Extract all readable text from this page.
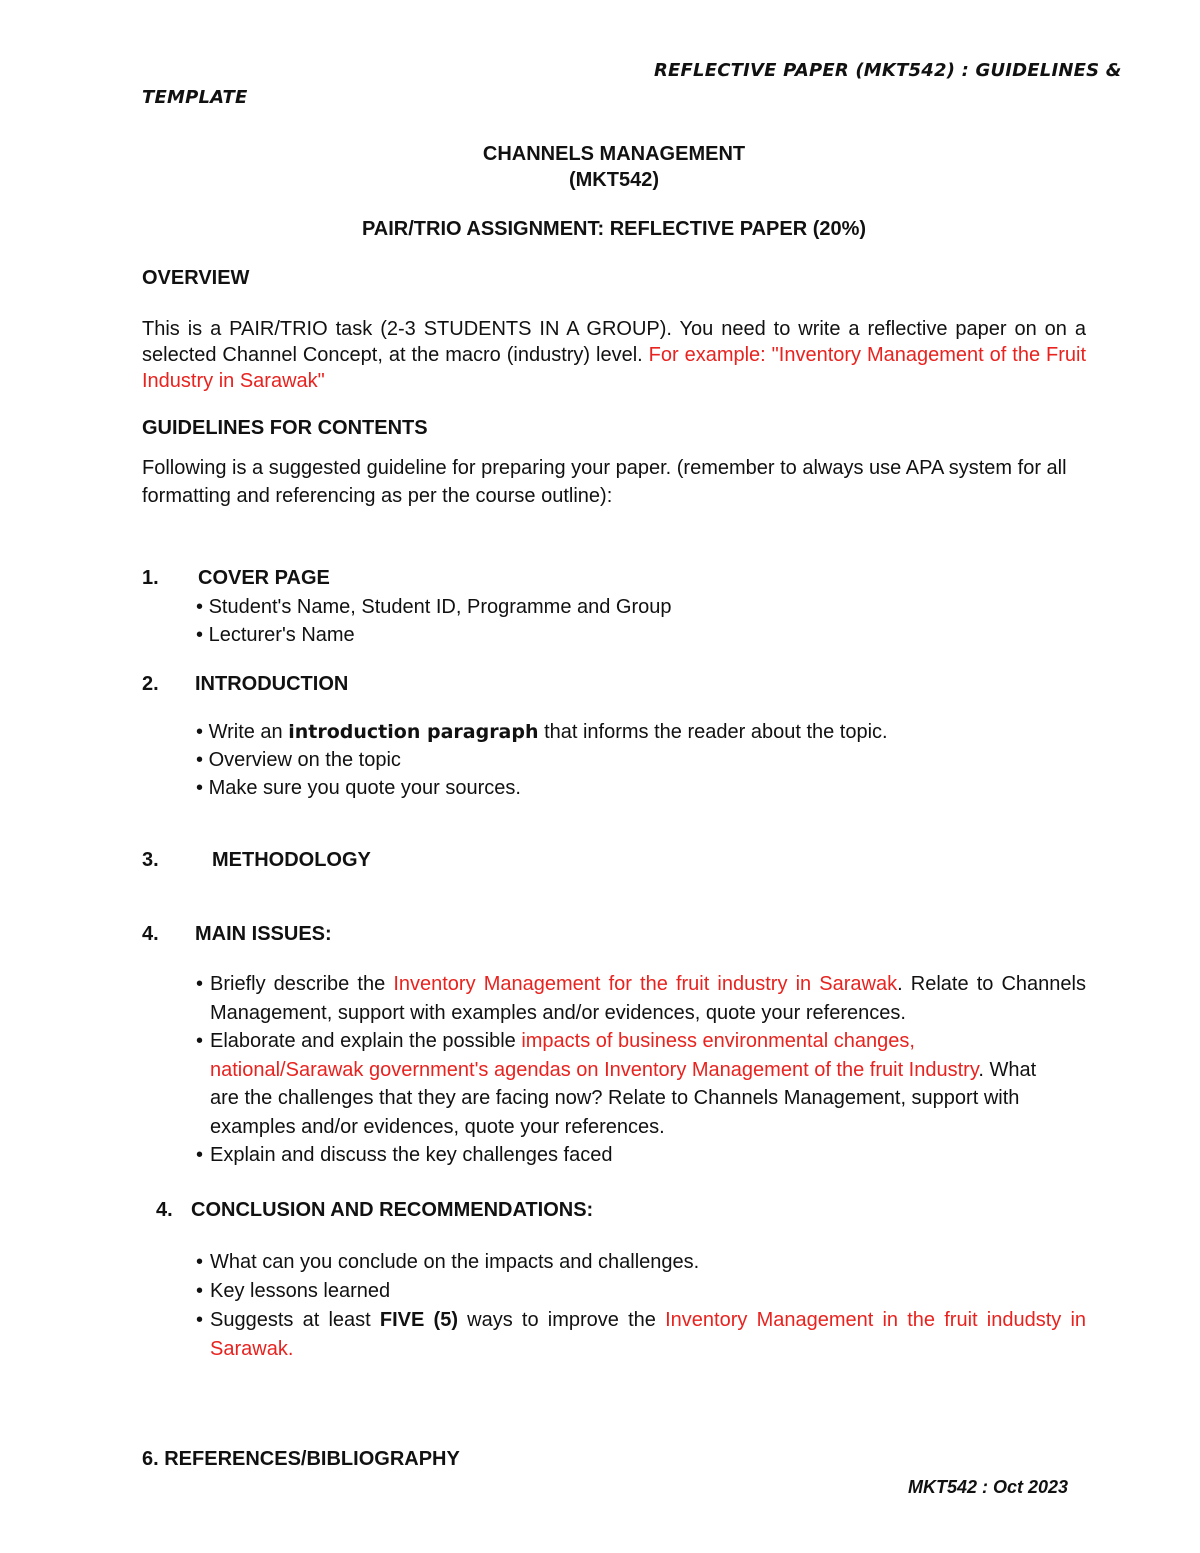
REFLECTIVE PAPER (MKT542) : GUIDELINES &
TEMPLATE
CHANNELS MANAGEMENT
(MKT542)
PAIR/TRIO ASSIGNMENT: REFLECTIVE PAPER (20%)
OVERVIEW
This is a PAIR/TRIO task (2-3 STUDENTS IN A GROUP). You need to write a reflective paper on on a selected Channel Concept, at the macro (industry) level. For example: "Inventory Management of the Fruit Industry in Sarawak"
GUIDELINES FOR CONTENTS
Following is a suggested guideline for preparing your paper. (remember to always use APA system for all formatting and referencing as per the course outline):
1. COVER PAGE
• Student's Name, Student ID, Programme and Group
• Lecturer's Name
2. INTRODUCTION
• Write an introduction paragraph that informs the reader about the topic.
• Overview on the topic
• Make sure you quote your sources.
3.	METHODOLOGY
4. MAIN ISSUES:
• Briefly describe the Inventory Management for the fruit industry in Sarawak. Relate to Channels Management, support with examples and/or evidences, quote your references.
• Elaborate and explain the possible impacts of business environmental changes, national/Sarawak government's agendas on Inventory Management of the fruit Industry. What are the challenges that they are facing now? Relate to Channels Management, support with examples and/or evidences, quote your references.
• Explain and discuss the key challenges faced
4. CONCLUSION AND RECOMMENDATIONS:
• What can you conclude on the impacts and challenges.
• Key lessons learned
• Suggests at least FIVE (5) ways to improve the Inventory Management in the fruit indudsty in Sarawak.
6. REFERENCES/BIBLIOGRAPHY
MKT542 : Oct 2023
